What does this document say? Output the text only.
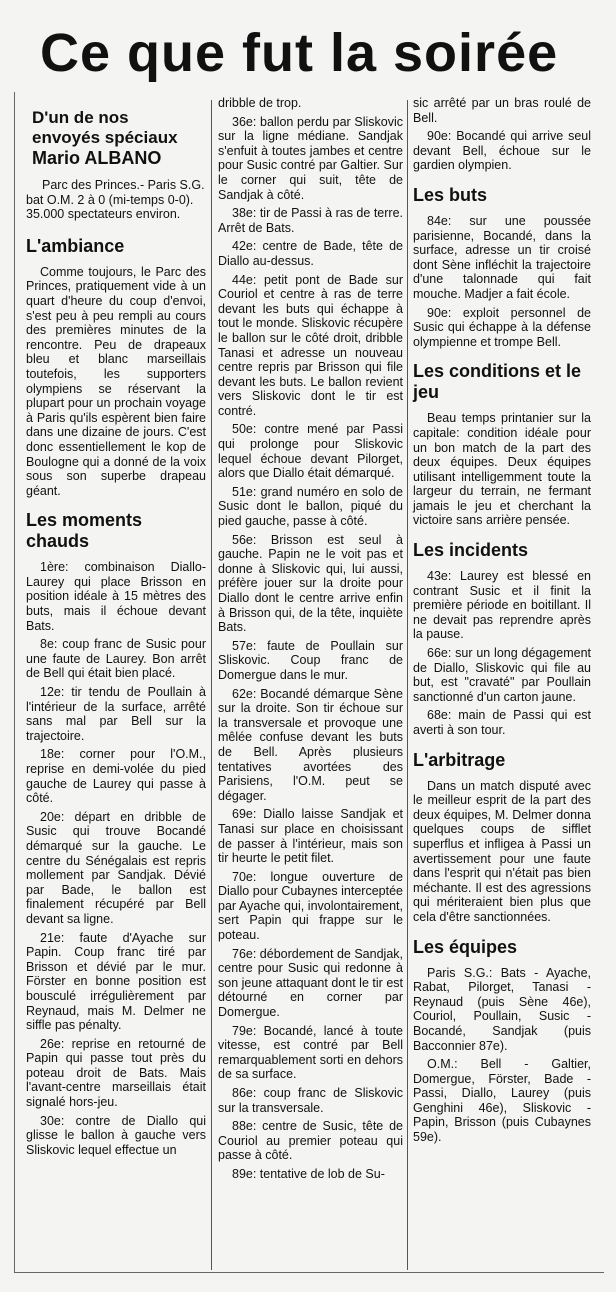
Ce que fut la soirée
D'un de nos
envoyés spéciaux
Mario ALBANO
Parc des Princes.- Paris S.G. bat O.M. 2 à 0 (mi-temps 0-0). 35.000 spectateurs environ.
L'ambiance

Comme toujours, le Parc des Princes, pratiquement vide à un quart d'heure du coup d'envoi, s'est peu à peu rempli au cours des premières minutes de la rencontre. Peu de drapeaux bleu et blanc marseillais toutefois, les supporters olympiens se réservant la plupart pour un prochain voyage à Paris qu'ils espèrent bien faire dans une dizaine de jours. C'est donc essentiellement le kop de Boulogne qui a donné de la voix sous son superbe drapeau géant.

Les moments chauds

1ère: combinaison Diallo-Laurey qui place Brisson en position idéale à 15 mètres des buts, mais il échoue devant Bats.

8e: coup franc de Susic pour une faute de Laurey. Bon arrêt de Bell qui était bien placé.

12e: tir tendu de Poullain à l'intérieur de la surface, arrêté sans mal par Bell sur la trajectoire.

18e: corner pour l'O.M., reprise en demi-volée du pied gauche de Laurey qui passe à côté.

20e: départ en dribble de Susic qui trouve Bocandé démarqué sur la gauche. Le centre du Sénégalais est repris mollement par Sandjak. Dévié par Bade, le ballon est finalement récupéré par Bell devant sa ligne.

21e: faute d'Ayache sur Papin. Coup franc tiré par Brisson et dévié par le mur. Förster en bonne position est bousculé irrégulièrement par Reynaud, mais M. Delmer ne siffle pas pénalty.

26e: reprise en retourné de Papin qui passe tout près du poteau droit de Bats. Mais l'avant-centre marseillais était signalé hors-jeu.

30e: contre de Diallo qui glisse le ballon à gauche vers Sliskovic lequel effectue un

dribble de trop.

36e: ballon perdu par Sliskovic sur la ligne médiane. Sandjak s'enfuit à toutes jambes et centre pour Susic contré par Galtier. Sur le corner qui suit, tête de Sandjak à côté.

38e: tir de Passi à ras de terre. Arrêt de Bats.

42e: centre de Bade, tête de Diallo au-dessus.

44e: petit pont de Bade sur Couriol et centre à ras de terre devant les buts qui échappe à tout le monde. Sliskovic récupère le ballon sur le côté droit, dribble Tanasi et adresse un nouveau centre repris par Brisson qui file devant les buts. Le ballon revient vers Sliskovic dont le tir est contré.

50e: contre mené par Passi qui prolonge pour Sliskovic lequel échoue devant Pilorget, alors que Diallo était démarqué.

51e: grand numéro en solo de Susic dont le ballon, piqué du pied gauche, passe à côté.

56e: Brisson est seul à gauche. Papin ne le voit pas et donne à Sliskovic qui, lui aussi, préfère jouer sur la droite pour Diallo dont le centre arrive enfin à Brisson qui, de la tête, inquiète Bats.

57e: faute de Poullain sur Sliskovic. Coup franc de Domergue dans le mur.

62e: Bocandé démarque Sène sur la droite. Son tir échoue sur la transversale et provoque une mêlée confuse devant les buts de Bell. Après plusieurs tentatives avortées des Parisiens, l'O.M. peut se dégager.

69e: Diallo laisse Sandjak et Tanasi sur place en choisissant de passer à l'intérieur, mais son tir heurte le petit filet.

70e: longue ouverture de Diallo pour Cubaynes interceptée par Ayache qui, involontairement, sert Papin qui frappe sur le poteau.

76e: débordement de Sandjak, centre pour Susic qui redonne à son jeune attaquant dont le tir est détourné en corner par Domergue.

79e: Bocandé, lancé à toute vitesse, est contré par Bell remarquablement sorti en dehors de sa surface.

86e: coup franc de Sliskovic sur la transversale.

88e: centre de Susic, tête de Couriol au premier poteau qui passe à côté.

89e: tentative de lob de Su-

sic arrêté par un bras roulé de Bell.

90e: Bocandé qui arrive seul devant Bell, échoue sur le gardien olympien.

Les buts

84e: sur une poussée parisienne, Bocandé, dans la surface, adresse un tir croisé dont Sène infléchit la trajectoire d'une talonnade qui fait mouche. Madjer a fait école.

90e: exploit personnel de Susic qui échappe à la défense olympienne et trompe Bell.

Les conditions et le jeu

Beau temps printanier sur la capitale: condition idéale pour un bon match de la part des deux équipes. Deux équipes utilisant intelligemment toute la largeur du terrain, ne fermant jamais le jeu et cherchant la victoire sans arrière pensée.

Les incidents

43e: Laurey est blessé en contrant Susic et il finit la première période en boitillant. Il ne devait pas reprendre après la pause.

66e: sur un long dégagement de Diallo, Sliskovic qui file au but, est "cravaté" par Poullain sanctionné d'un carton jaune.

68e: main de Passi qui est averti à son tour.

L'arbitrage

Dans un match disputé avec le meilleur esprit de la part des deux équipes, M. Delmer donna quelques coups de sifflet superflus et infligea à Passi un avertissement pour une faute dans l'esprit qui n'était pas bien méchante. Il est des agressions qui mériteraient bien plus que cela d'être sanctionnées.

Les équipes

Paris S.G.: Bats - Ayache, Rabat, Pilorget, Tanasi - Reynaud (puis Sène 46e), Couriol, Poullain, Susic - Bocandé, Sandjak (puis Bacconnier 87e).

O.M.: Bell - Galtier, Domergue, Förster, Bade - Passi, Diallo, Laurey (puis Genghini 46e), Sliskovic - Papin, Brisson (puis Cubaynes 59e).
